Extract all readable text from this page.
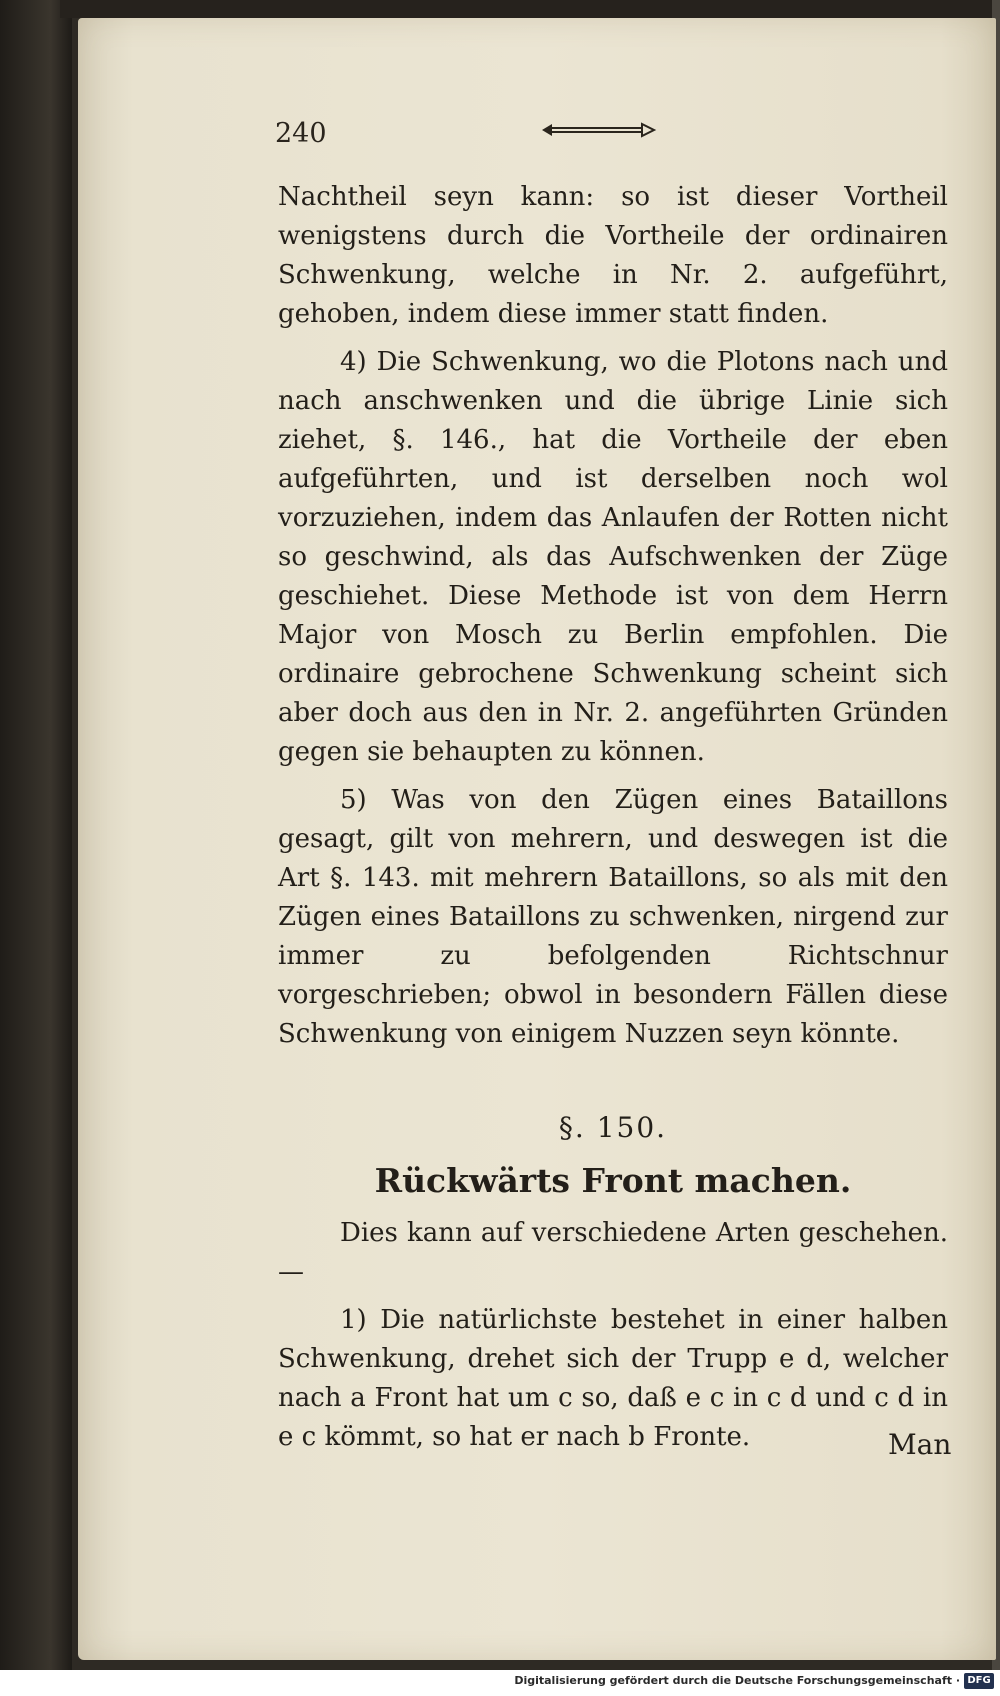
240

Nachtheil seyn kann: so ist dieser Vortheil wenigstens durch die Vortheile der ordinairen Schwenkung, welche in Nr. 2. aufgeführt, gehoben, indem diese immer statt finden.

4) Die Schwenkung, wo die Plotons nach und nach anschwenken und die übrige Linie sich ziehet, §. 146., hat die Vortheile der eben aufgeführten, und ist derselben noch wol vorzuziehen, indem das Anlaufen der Rotten nicht so geschwind, als das Aufschwenken der Züge geschiehet. Diese Methode ist von dem Herrn Major von Mosch zu Berlin empfohlen. Die ordinaire gebrochene Schwenkung scheint sich aber doch aus den in Nr. 2. angeführten Gründen gegen sie behaupten zu können.

5) Was von den Zügen eines Bataillons gesagt, gilt von mehrern, und deswegen ist die Art §. 143. mit mehrern Bataillons, so als mit den Zügen eines Bataillons zu schwenken, nirgend zur immer zu befolgenden Richtschnur vorgeschrieben; obwol in besondern Fällen diese Schwenkung von einigem Nuzzen seyn könnte.

§. 150.
Rückwärts Front machen.

Dies kann auf verschiedene Arten geschehen. —

1) Die natürlichste bestehet in einer halben Schwenkung, drehet sich der Trupp e d, welcher nach a Front hat um c so, daß e c in c d und c d in e c kömmt, so hat er nach b Fronte.	Man
Digitalisierung gefördert durch die Deutsche Forschungsgemeinschaft · DFG
